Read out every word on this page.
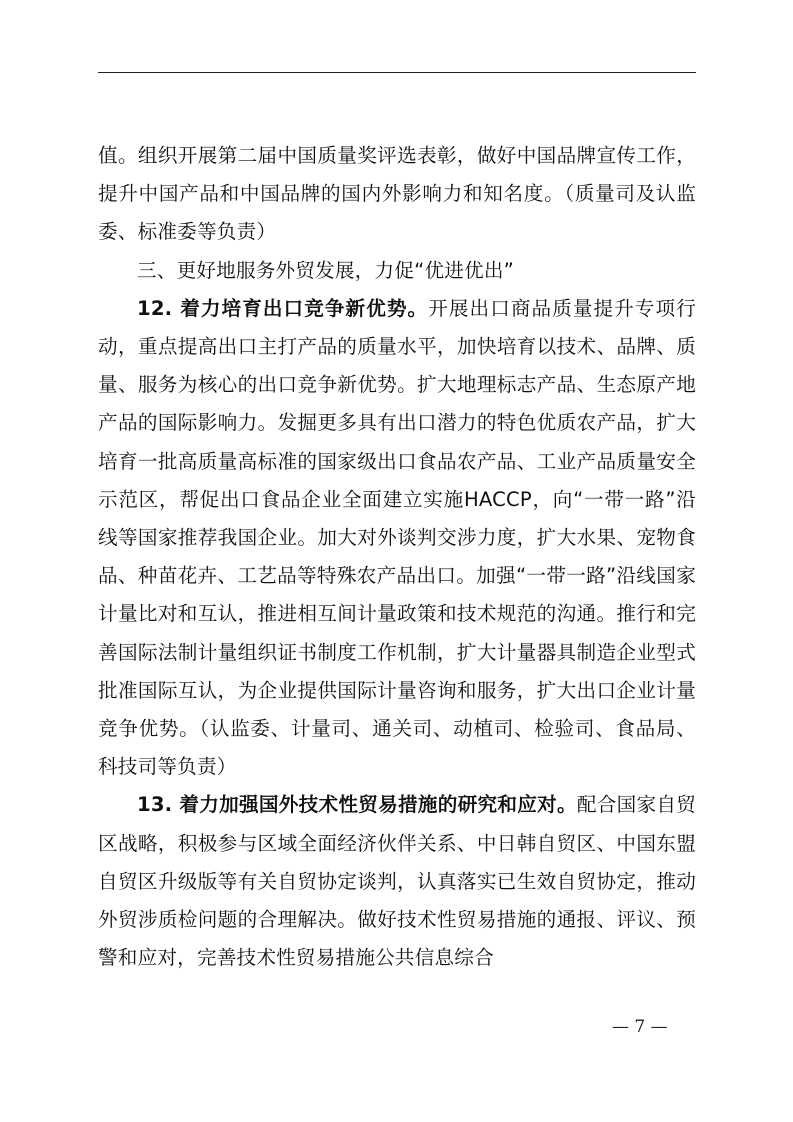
值。组织开展第二届中国质量奖评选表彰，做好中国品牌宣传工作，提升中国产品和中国品牌的国内外影响力和知名度。（质量司及认监委、标准委等负责）

三、更好地服务外贸发展，力促“优进优出”

12. 着力培育出口竞争新优势。开展出口商品质量提升专项行动，重点提高出口主打产品的质量水平，加快培育以技术、品牌、质量、服务为核心的出口竞争新优势。扩大地理标志产品、生态原产地产品的国际影响力。发掘更多具有出口潜力的特色优质农产品，扩大培育一批高质量高标准的国家级出口食品农产品、工业产品质量安全示范区，帮促出口食品企业全面建立实施HACCP，向“一带一路”沿线等国家推荐我国企业。加大对外谈判交涉力度，扩大水果、宠物食品、种苗花卉、工艺品等特殊农产品出口。加强“一带一路”沿线国家计量比对和互认，推进相互间计量政策和技术规范的沟通。推行和完善国际法制计量组织证书制度工作机制，扩大计量器具制造企业型式批准国际互认，为企业提供国际计量咨询和服务，扩大出口企业计量竞争优势。（认监委、计量司、通关司、动植司、检验司、食品局、科技司等负责）

13. 着力加强国外技术性贸易措施的研究和应对。配合国家自贸区战略，积极参与区域全面经济伙伴关系、中日韩自贸区、中国东盟自贸区升级版等有关自贸协定谈判，认真落实已生效自贸协定，推动外贸涉质检问题的合理解决。做好技术性贸易措施的通报、评议、预警和应对，完善技术性贸易措施公共信息综合

— 7 —
